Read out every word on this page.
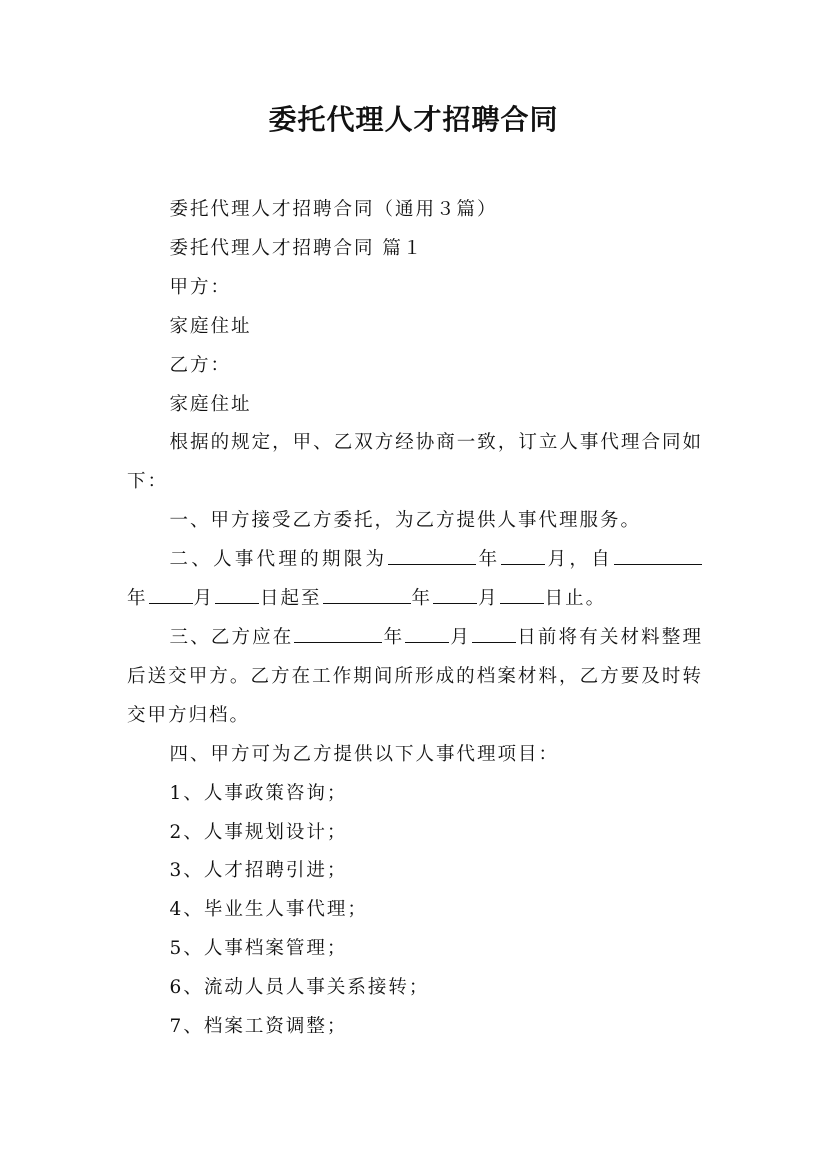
委托代理人才招聘合同

委托代理人才招聘合同（通用３篇）

委托代理人才招聘合同 篇１

甲方：

家庭住址

乙方：

家庭住址

根据的规定，甲、乙双方经协商一致，订立人事代理合同如下：

一、甲方接受乙方委托，为乙方提供人事代理服务。

二、人事代理的期限为	年 月，自年 月 日起至	年 月 日止。

三、乙方应在	年 月 日前将有关材料整理后送交甲方。乙方在工作期间所形成的档案材料，乙方要及时转交甲方归档。

四、甲方可为乙方提供以下人事代理项目：

1、人事政策咨询；

2、人事规划设计；

3、人才招聘引进；

4、毕业生人事代理；

5、人事档案管理；

6、流动人员人事关系接转；

7、档案工资调整；
